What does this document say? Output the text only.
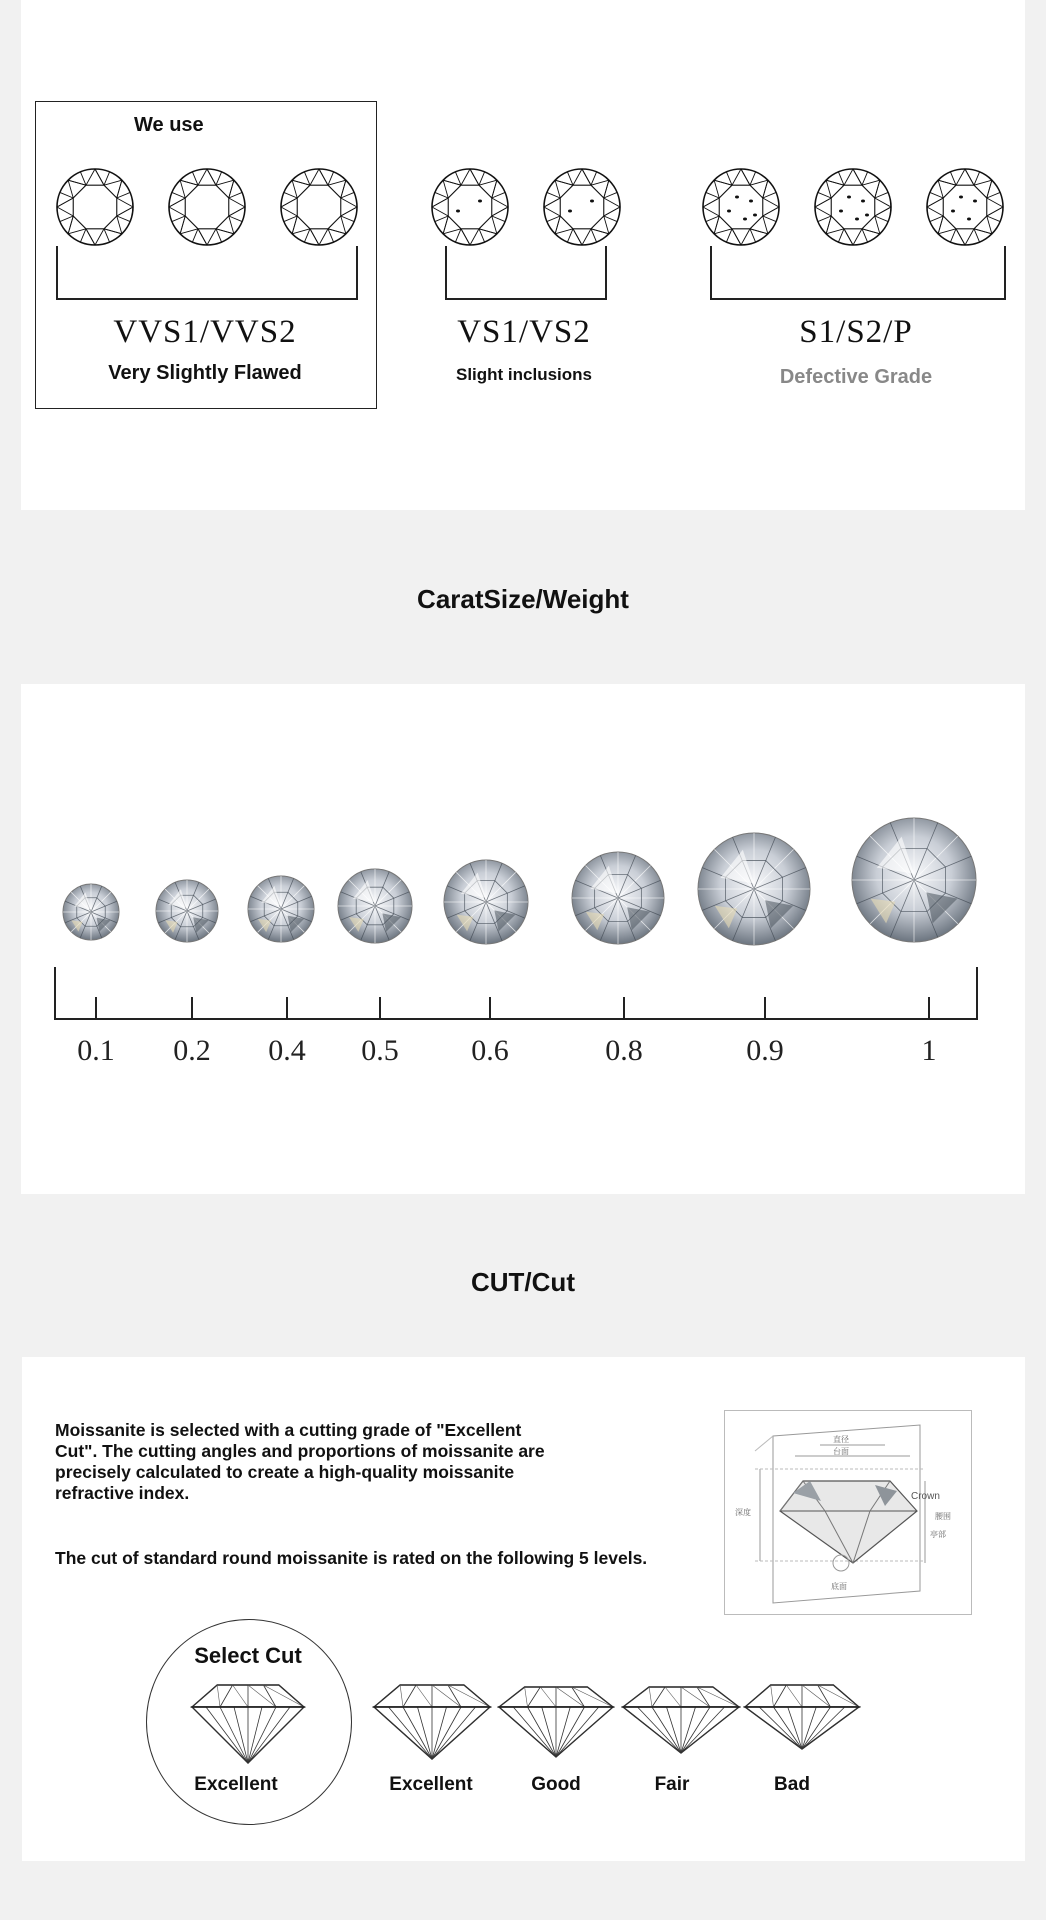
We use
VVS1/VVS2
Very Slightly Flawed
VS1/VS2
Slight inclusions
S1/S2/P
Defective Grade
CaratSize/Weight
0.1	0.2	0.4	0.5	0.6	0.8	0.9	1
CUT/Cut
Moissanite is selected with a cutting grade of "Excellent Cut". The cutting angles and proportions of moissanite are precisely calculated to create a high-quality moissanite refractive index.
The cut of standard round moissanite is rated on the following 5 levels.
Crown
直径
台面
深度	腰围
亭部
底面
Select Cut
Excellent	Excellent	Good	Fair	Bad
